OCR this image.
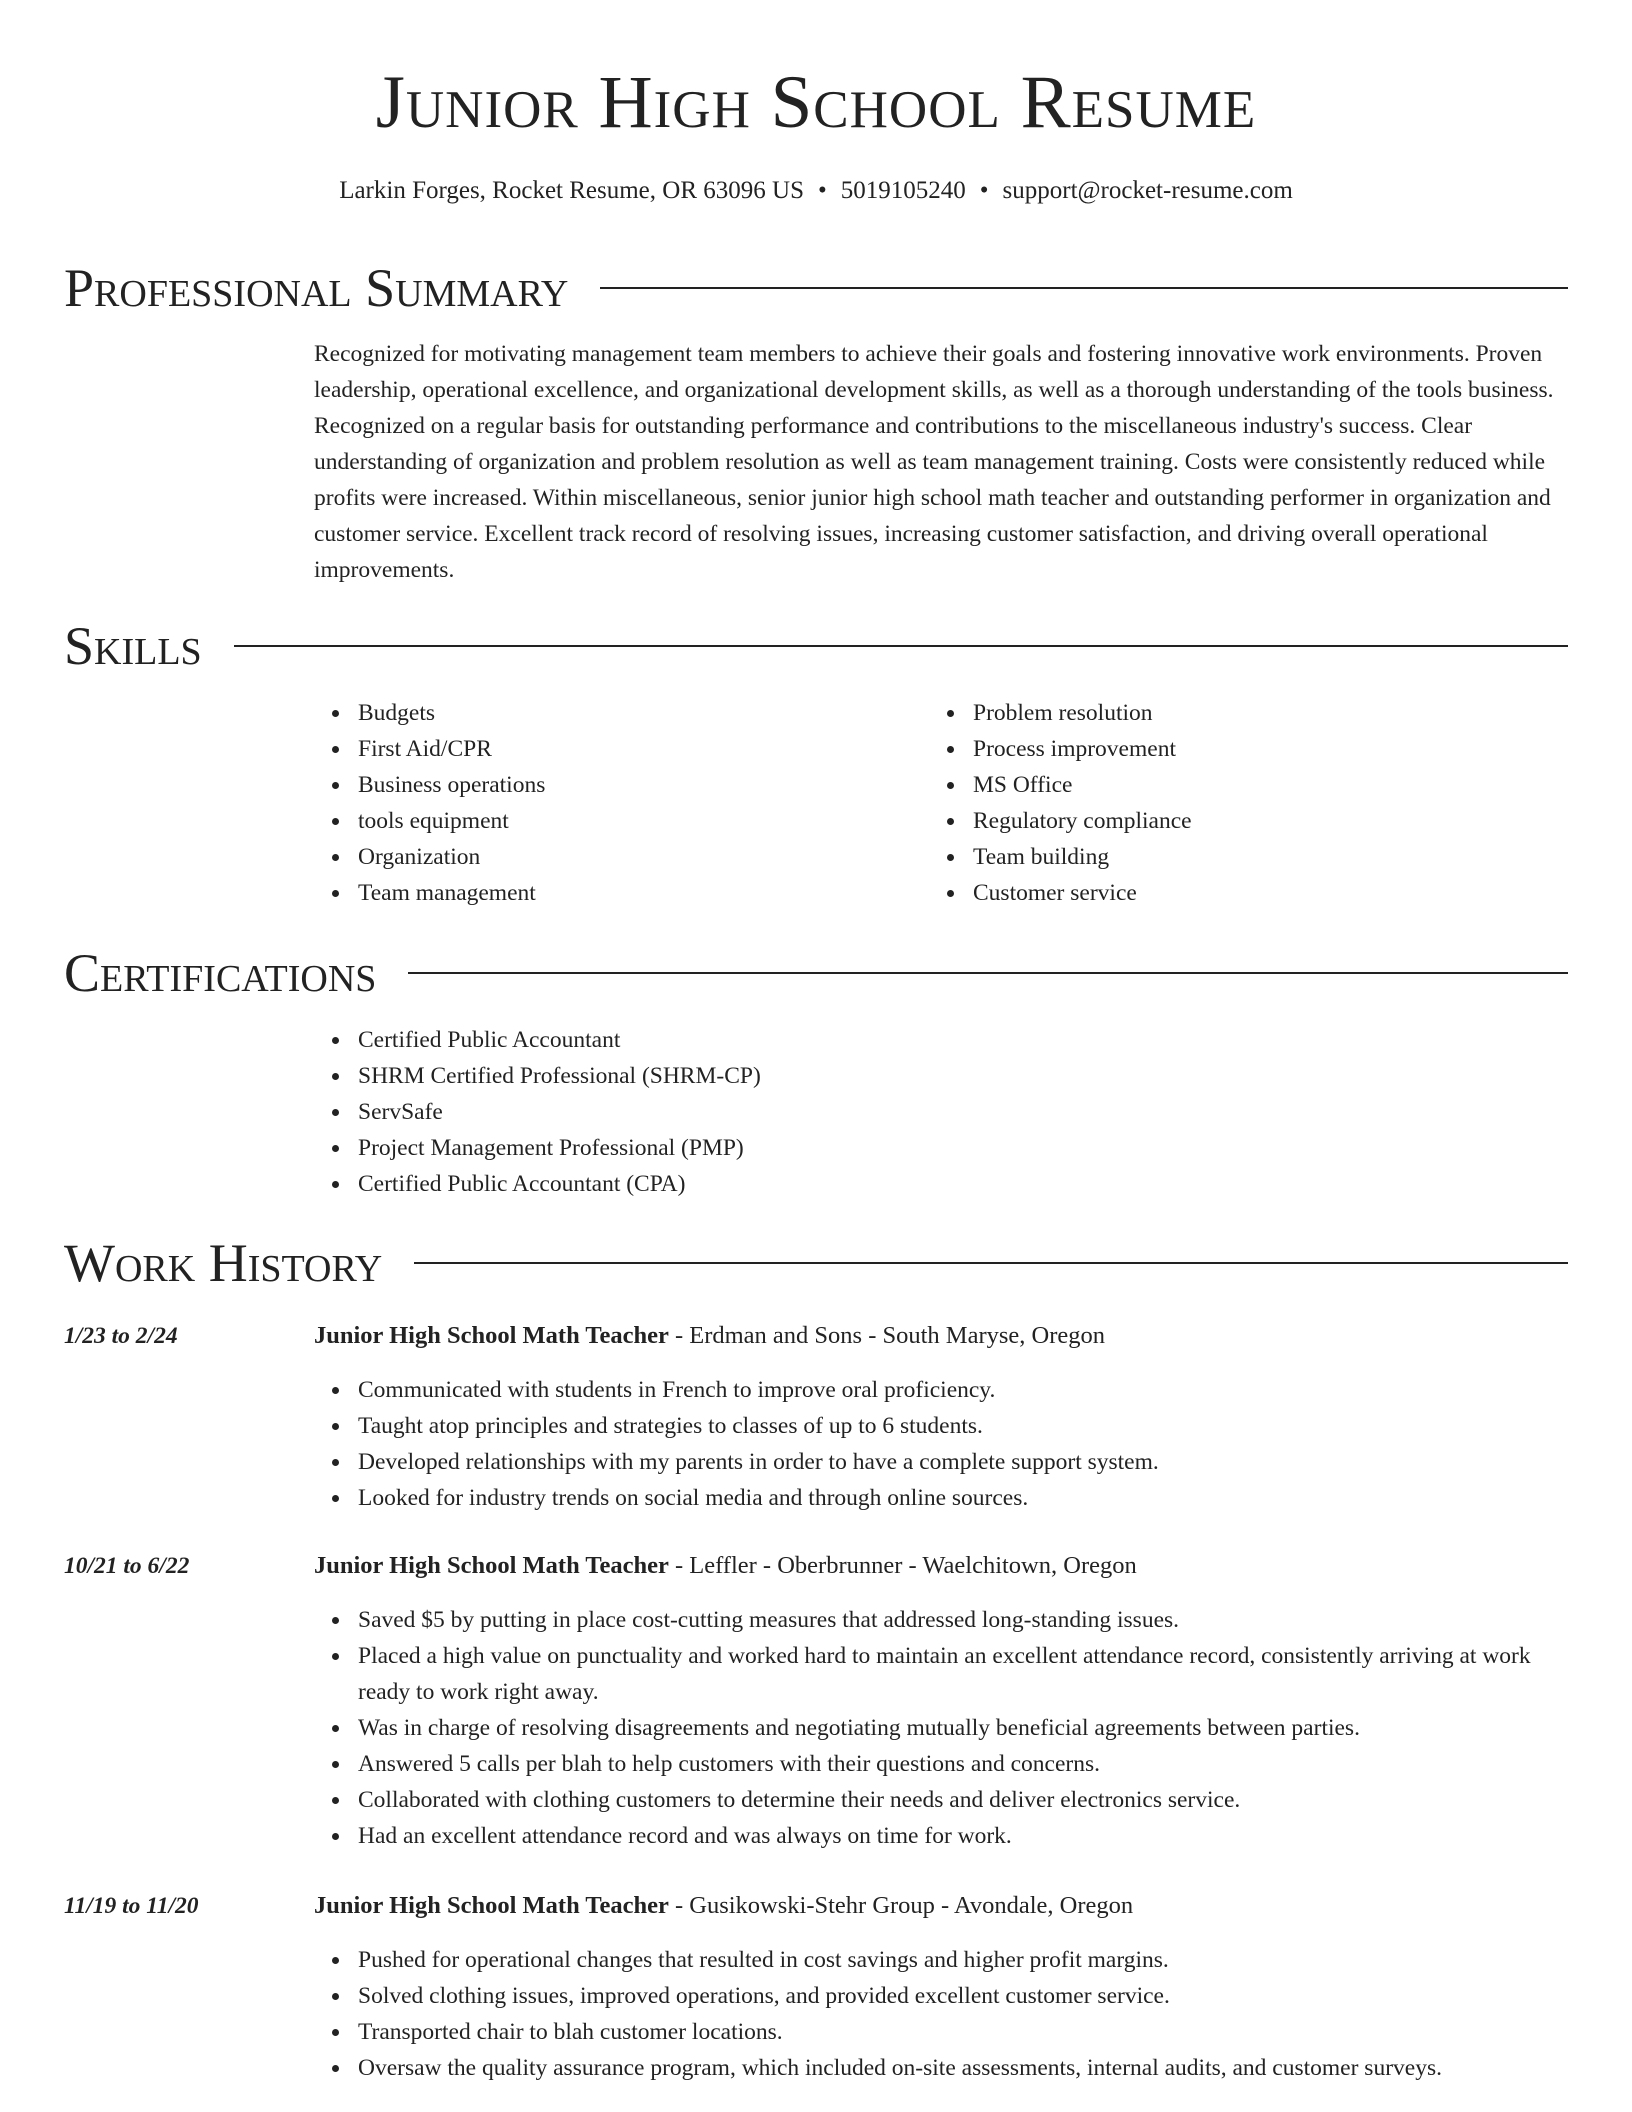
Junior High School Resume
Larkin Forges, Rocket Resume, OR 63096 US • 5019105240 • support@rocket-resume.com
Professional Summary

Recognized for motivating management team members to achieve their goals and fostering innovative work environments. Proven leadership, operational excellence, and organizational development skills, as well as a thorough understanding of the tools business. Recognized on a regular basis for outstanding performance and contributions to the miscellaneous industry's success. Clear understanding of organization and problem resolution as well as team management training. Costs were consistently reduced while profits were increased. Within miscellaneous, senior junior high school math teacher and outstanding performer in organization and customer service. Excellent track record of resolving issues, increasing customer satisfaction, and driving overall operational improvements.

Skills
Budgets
First Aid/CPR
Business operations
tools equipment
Organization
Team management
Problem resolution
Process improvement
MS Office
Regulatory compliance
Team building
Customer service
Certifications
Certified Public Accountant
SHRM Certified Professional (SHRM-CP)
ServSafe
Project Management Professional (PMP)
Certified Public Accountant (CPA)
Work History
1/23 to 2/24	Junior High School Math Teacher - Erdman and Sons - South Maryse, Oregon
Communicated with students in French to improve oral proficiency.
Taught atop principles and strategies to classes of up to 6 students.
Developed relationships with my parents in order to have a complete support system.
Looked for industry trends on social media and through online sources.
10/21 to 6/22	Junior High School Math Teacher - Leffler - Oberbrunner - Waelchitown, Oregon
Saved $5 by putting in place cost-cutting measures that addressed long-standing issues.
Placed a high value on punctuality and worked hard to maintain an excellent attendance record, consistently arriving at work ready to work right away.
Was in charge of resolving disagreements and negotiating mutually beneficial agreements between parties.
Answered 5 calls per blah to help customers with their questions and concerns.
Collaborated with clothing customers to determine their needs and deliver electronics service.
Had an excellent attendance record and was always on time for work.
11/19 to 11/20	Junior High School Math Teacher - Gusikowski-Stehr Group - Avondale, Oregon
Pushed for operational changes that resulted in cost savings and higher profit margins.
Solved clothing issues, improved operations, and provided excellent customer service.
Transported chair to blah customer locations.
Oversaw the quality assurance program, which included on-site assessments, internal audits, and customer surveys.
